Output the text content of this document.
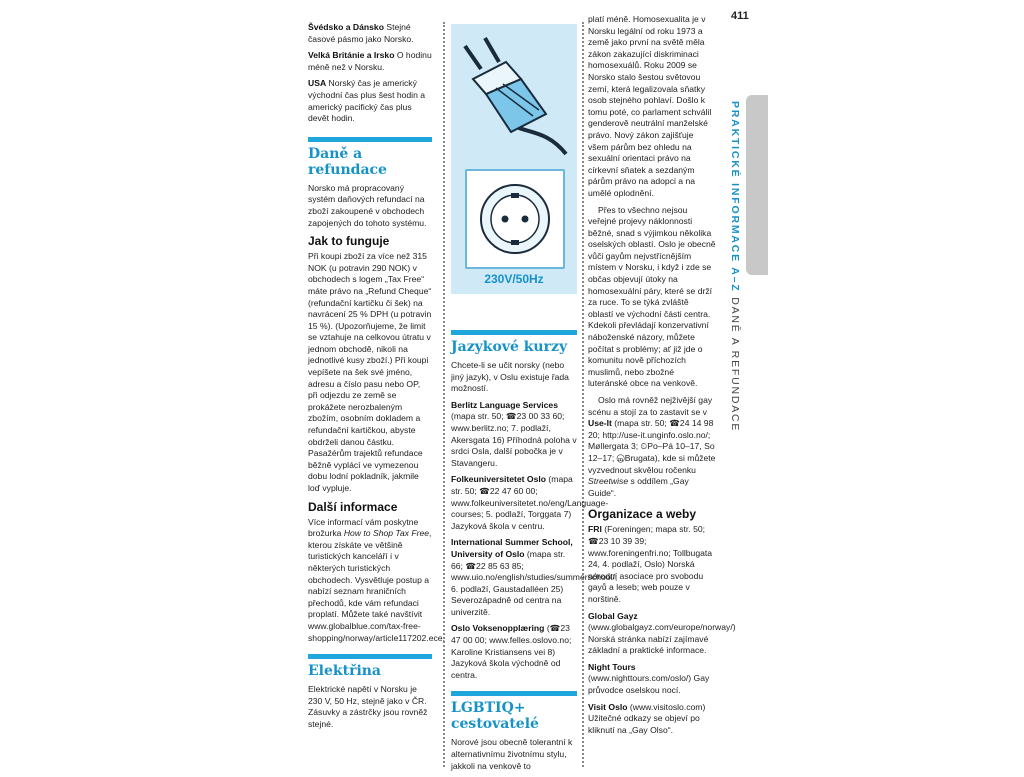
411
PRAKTICKÉ INFORMACE A–Z DANĚ A REFUNDACE

Švédsko a Dánsko Stejné časové pásmo jako Norsko.

Velká Británie a Irsko O hodinu méně než v Norsku.

USA Norský čas je americký východní čas plus šest hodin a americký pacifický čas plus devět hodin.

Daně a refundace

Norsko má propracovaný systém daňových refundací na zboží zakoupené v obchodech zapojených do tohoto systému.

Jak to funguje

Při koupi zboží za více než 315 NOK (u potravin 290 NOK) v obchodech s logem „Tax Free“ máte právo na „Refund Cheque“ (refundační kartičku či šek) na navrácení 25 % DPH (u potravin 15 %). (Upozorňujeme, že limit se vztahuje na celkovou útratu v jednom obchodě, nikoli na jednotlivé kusy zboží.) Při koupi vepíšete na šek své jméno, adresu a číslo pasu nebo OP, při odjezdu ze země se prokážete nerozbaleným zbožím, osobním dokladem a refundační kartičkou, abyste obdrželi danou částku. Pasažérům trajektů refundace běžně vyplácí ve vymezenou dobu lodní pokladník, jakmile loď vypluje.

Další informace

Více informací vám poskytne brožurka How to Shop Tax Free, kterou získáte ve většině turistických kanceláří i v některých turistických obchodech. Vysvětluje postup a nabízí seznam hraničních přechodů, kde vám refundaci proplatí. Můžete také navštívit www.globalblue.com/tax-free-shopping/norway/article117202.ece.

Elektřina

Elektrické napětí v Norsku je 230 V, 50 Hz, stejně jako v ČR. Zásuvky a zástrčky jsou rovněž stejné.

230V/50Hz
Jazykové kurzy

Chcete-li se učit norsky (nebo jiný jazyk), v Oslu existuje řada možností.

Berlitz Language Services (mapa str. 50; ☎23 00 33 60; www.berlitz.no; 7. podlaží, Akersgata 16) Příhodná poloha v srdci Osla, další pobočka je v Stavangeru.

Folkeuniversitetet Oslo (mapa str. 50; ☎22 47 60 00; www.folkeuniversitetet.no/eng/Language-courses; 5. podlaží, Torggata 7) Jazyková škola v centru.

International Summer School, University of Oslo (mapa str. 66; ☎22 85 63 85; www.uio.no/english/studies/summerschool/; 6. podlaží, Gaustadalléen 25) Severozápadně od centra na univerzitě.

Oslo Voksenopplæring (☎23 47 00 00; www.felles.oslovo.no; Karoline Kristiansens vei 8) Jazyková škola východně od centra.

LGBTIQ+ cestovatelé

Norové jsou obecně tolerantní k alternativnímu životnímu stylu, jakkoli na venkově to

platí méně. Homosexualita je v Norsku legální od roku 1973 a země jako první na světě měla zákon zakazující diskriminaci homosexuálů. Roku 2009 se Norsko stalo šestou světovou zemí, která legalizovala sňatky osob stejného pohlaví. Došlo k tomu poté, co parlament schválil genderově neutrální manželské právo. Nový zákon zajišťuje všem párům bez ohledu na sexuální orientaci právo na církevní sňatek a sezdaným párům právo na adopci a na umělé oplodnění.

Přes to všechno nejsou veřejné projevy náklonnosti běžné, snad s výjimkou několika oselských oblastí. Oslo je obecně vůči gayům nejvstřícnějším místem v Norsku, i když i zde se občas objevují útoky na homosexuální páry, které se drží za ruce. To se týká zvláště oblastí ve východní části centra. Kdekoli převládají konzervativní náboženské názory, můžete počítat s problémy; ať již jde o komunitu nově příchozích muslimů, nebo zbožné luteránské obce na venkově.

Oslo má rovněž nejživější gay scénu a stojí za to zastavit se v Use-It (mapa str. 50; ☎24 14 98 20; http://use-it.unginfo.oslo.no/; Møllergata 3; ⏲Po–Pá 10–17, So 12–17; ⓜBrugata), kde si můžete vyzvednout skvělou ročenku Streetwise s oddílem „Gay Guide“.

Organizace a weby

FRI (Foreningen; mapa str. 50; ☎23 10 39 39; www.foreningenfri.no; Tollbugata 24, 4. podlaží, Oslo) Norská národní asociace pro svobodu gayů a leseb; web pouze v norštině.

Global Gayz (www.globalgayz.com/europe/norway/) Norská stránka nabízí zajímavé základní a praktické informace.

Night Tours (www.nighttours.com/oslo/) Gay průvodce oselskou nocí.

Visit Oslo (www.visitoslo.com) Užitečné odkazy se objeví po kliknutí na „Gay Olso“.
